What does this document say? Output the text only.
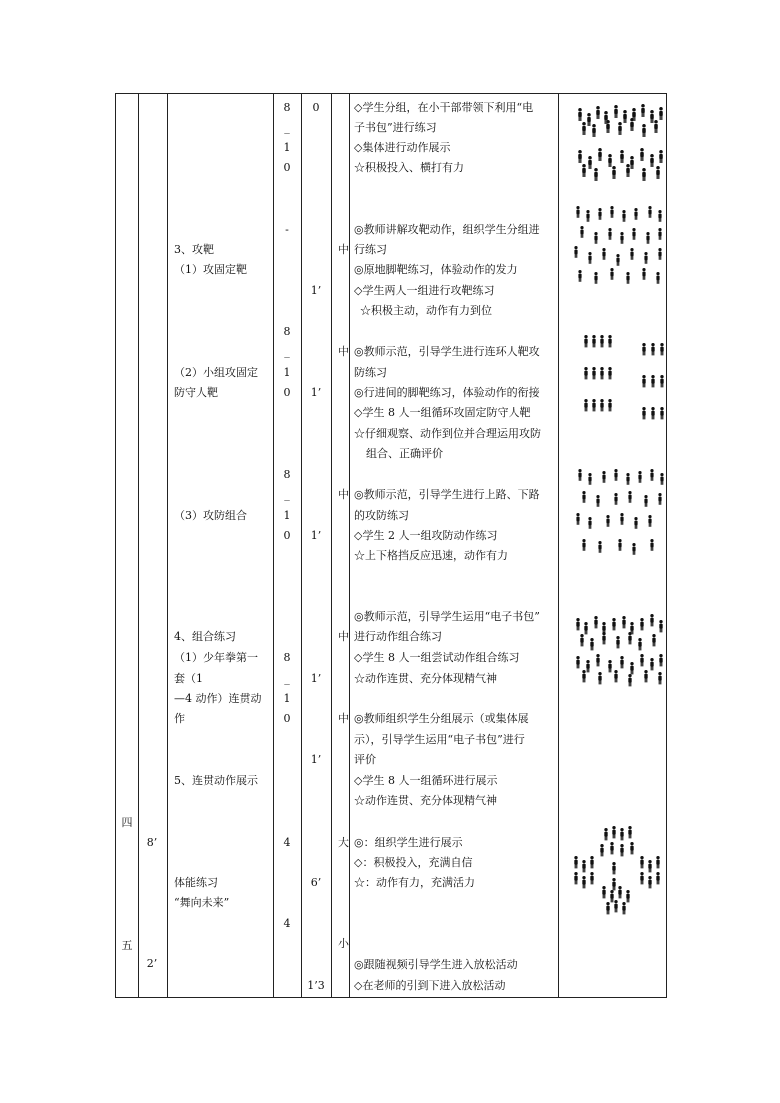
四
五
8’
2’
3、攻靶
（1）攻固定靶
（2）小组攻固定
防守人靶
（3）攻防组合
4、组合练习
（1）少年拳第一
套（1
—4 动作）连贯动
作
5、连贯动作展示
体能练习
“舞向未来”
8
_
1
0
-
8
_
1
0
8
_
1
0
8
_
1
0
4
4
0
1’
1’
1’
1’
1’
6’
1’3
中
中
中
中
中
大
小
◇学生分组，在小干部带领下利用“电
子书包”进行练习
◇集体进行动作展示
☆积极投入、横打有力
◎教师讲解攻靶动作，组织学生分组进
行练习
◎原地脚靶练习，体验动作的发力
◇学生两人一组进行攻靶练习
☆积极主动，动作有力到位
◎教师示范，引导学生进行连环人靶攻
防练习
◎行进间的脚靶练习，体验动作的衔接
◇学生 8 人一组循环攻固定防守人靶
☆仔细观察、动作到位并合理运用攻防
组合、正确评价
◎教师示范，引导学生进行上路、下路
的攻防练习
◇学生 2 人一组攻防动作练习
☆上下格挡反应迅速，动作有力
◎教师示范，引导学生运用“电子书包”
进行动作组合练习
◇学生 8 人一组尝试动作组合练习
☆动作连贯、充分体现精气神
◎教师组织学生分组展示（或集体展
示），引导学生运用“电子书包”进行
评价
◇学生 8 人一组循环进行展示
☆动作连贯、充分体现精气神
◎：组织学生进行展示
◇：积极投入，充满自信
☆：动作有力，充满活力
◎跟随视频引导学生进入放松活动
◇在老师的引到下进入放松活动
